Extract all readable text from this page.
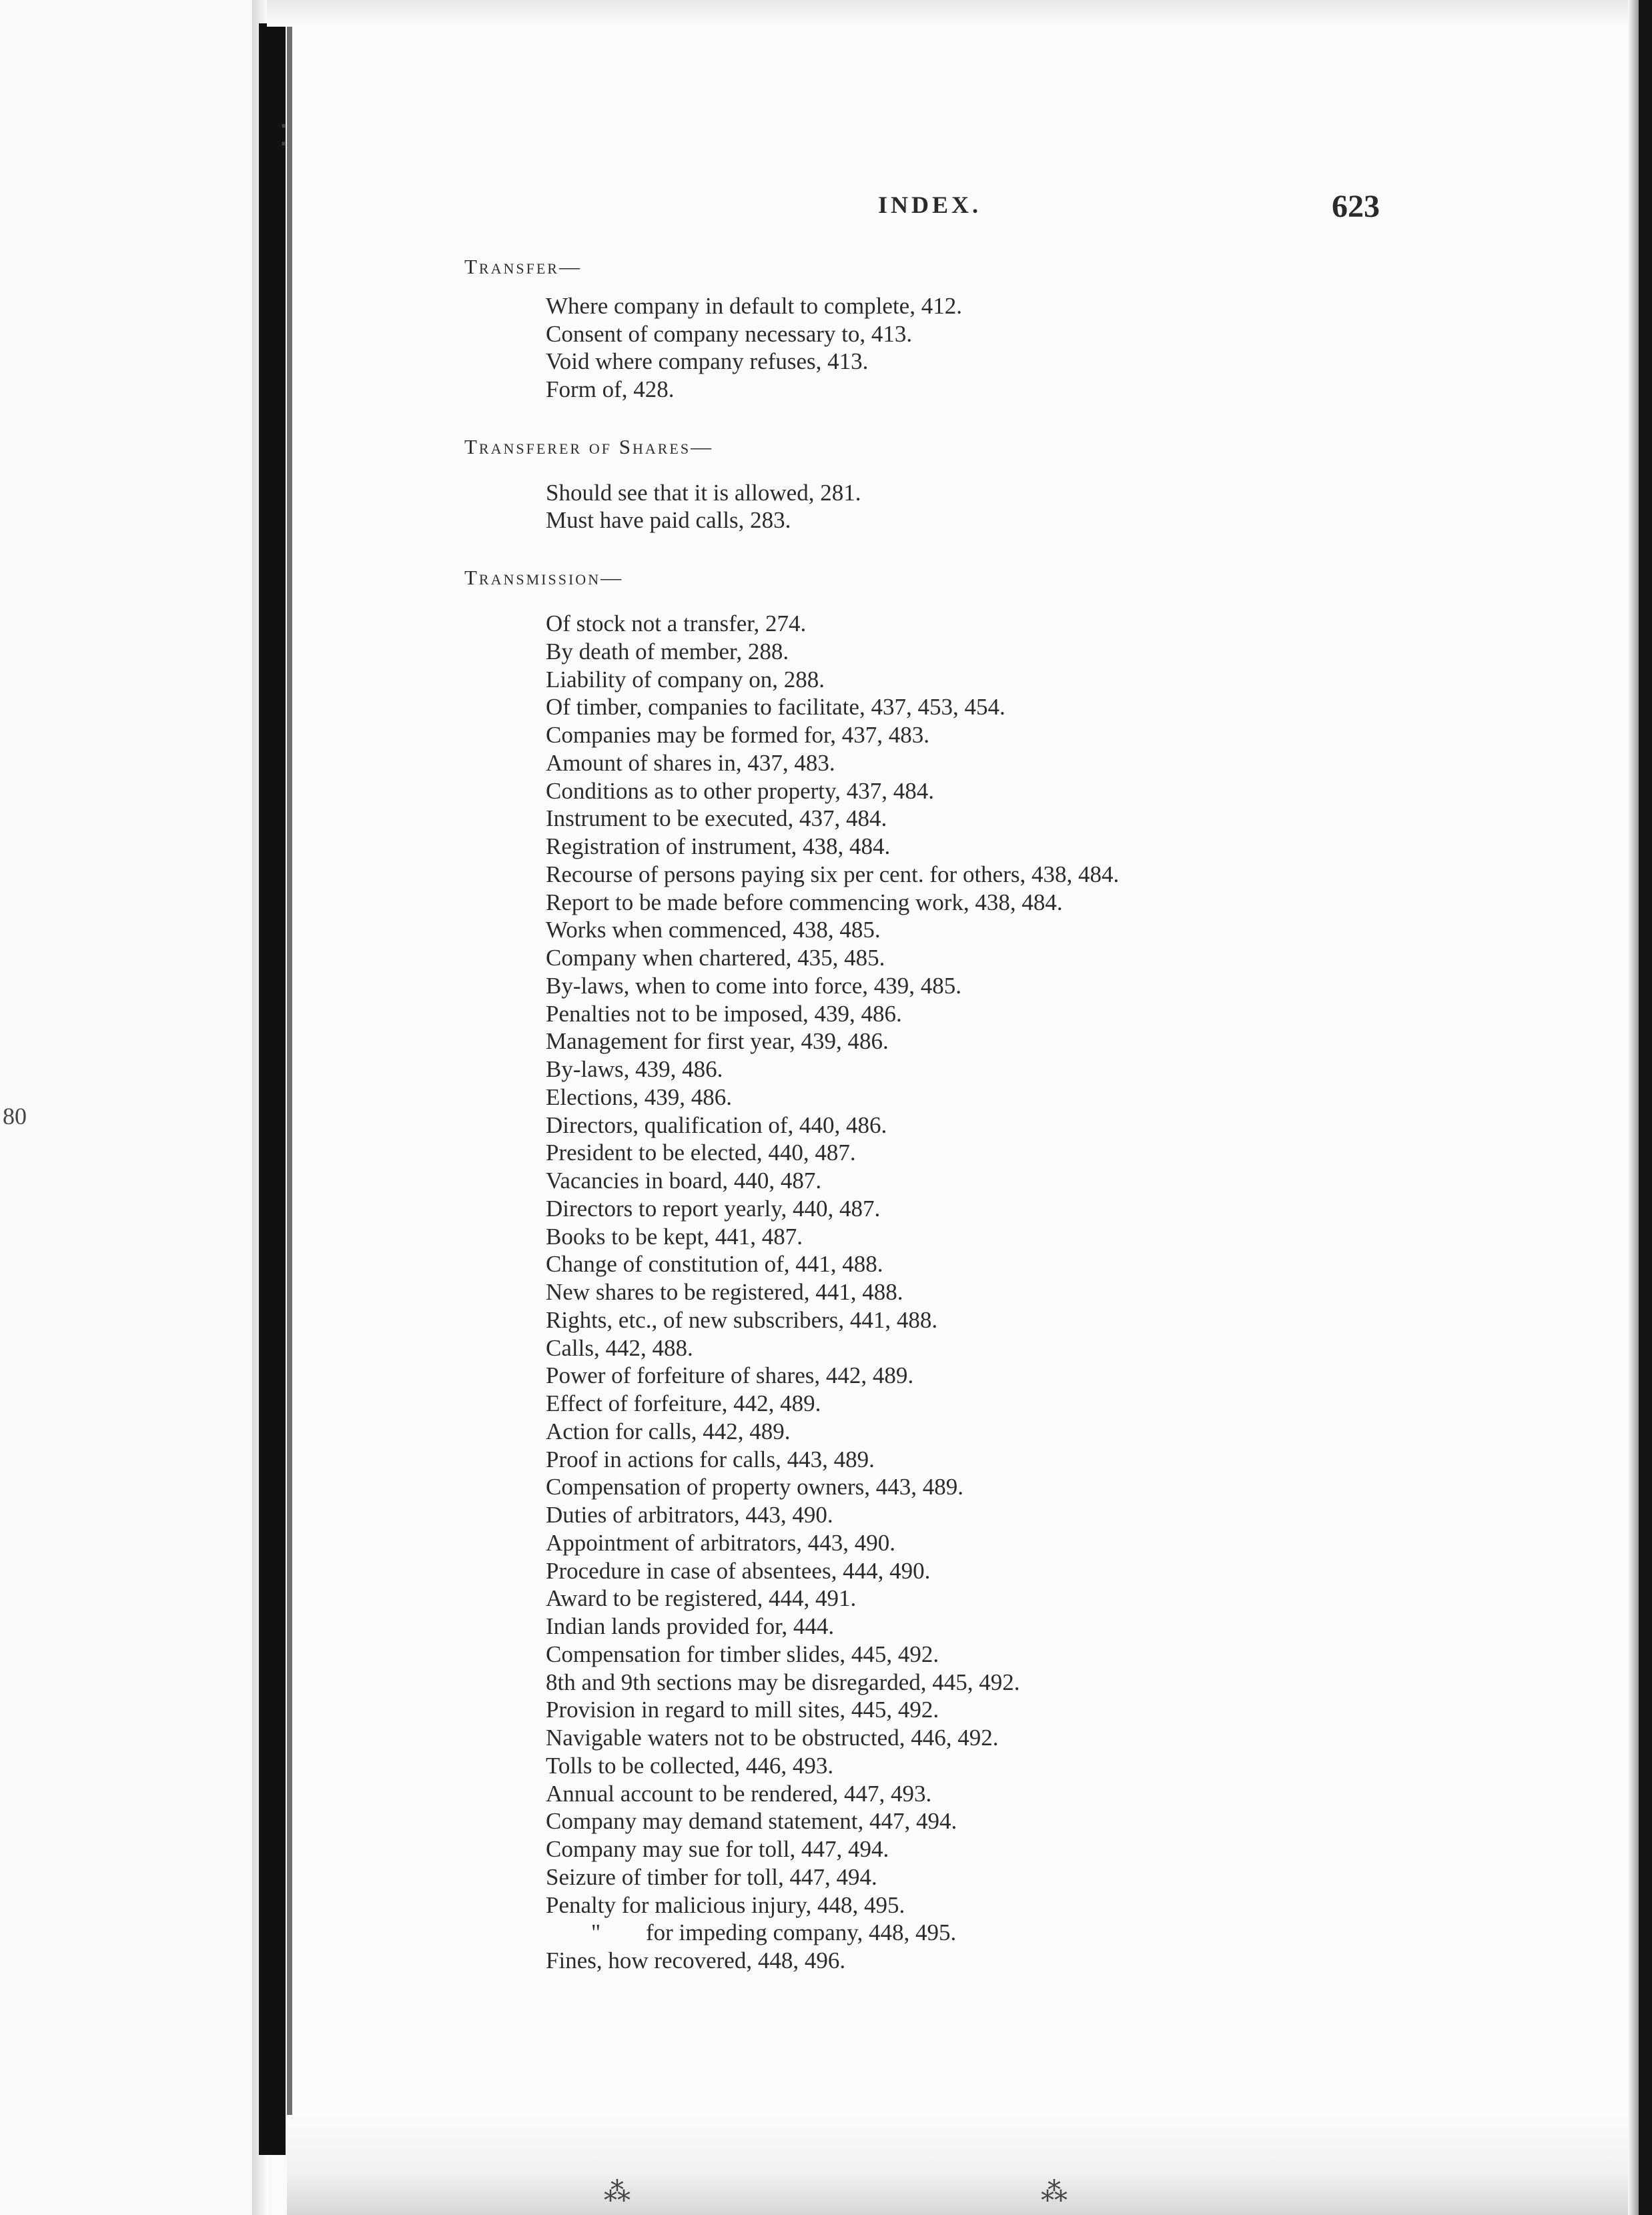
⁚
⁂	⁂
80
INDEX.	623
Transfer—
Where company in default to complete, 412.
Consent of company necessary to, 413.
Void where company refuses, 413.
Form of, 428.
Transferer of Shares—
Should see that it is allowed, 281.
Must have paid calls, 283.
Transmission—
Of stock not a transfer, 274.
By death of member, 288.
Liability of company on, 288.
Of timber, companies to facilitate, 437, 453, 454.
Companies may be formed for, 437, 483.
Amount of shares in, 437, 483.
Conditions as to other property, 437, 484.
Instrument to be executed, 437, 484.
Registration of instrument, 438, 484.
Recourse of persons paying six per cent. for others, 438, 484.
Report to be made before commencing work, 438, 484.
Works when commenced, 438, 485.
Company when chartered, 435, 485.
By-laws, when to come into force, 439, 485.
Penalties not to be imposed, 439, 486.
Management for first year, 439, 486.
By-laws, 439, 486.
Elections, 439, 486.
Directors, qualification of, 440, 486.
President to be elected, 440, 487.
Vacancies in board, 440, 487.
Directors to report yearly, 440, 487.
Books to be kept, 441, 487.
Change of constitution of, 441, 488.
New shares to be registered, 441, 488.
Rights, etc., of new subscribers, 441, 488.
Calls, 442, 488.
Power of forfeiture of shares, 442, 489.
Effect of forfeiture, 442, 489.
Action for calls, 442, 489.
Proof in actions for calls, 443, 489.
Compensation of property owners, 443, 489.
Duties of arbitrators, 443, 490.
Appointment of arbitrators, 443, 490.
Procedure in case of absentees, 444, 490.
Award to be registered, 444, 491.
Indian lands provided for, 444.
Compensation for timber slides, 445, 492.
8th and 9th sections may be disregarded, 445, 492.
Provision in regard to mill sites, 445, 492.
Navigable waters not to be obstructed, 446, 492.
Tolls to be collected, 446, 493.
Annual account to be rendered, 447, 493.
Company may demand statement, 447, 494.
Company may sue for toll, 447, 494.
Seizure of timber for toll, 447, 494.
Penalty for malicious injury, 448, 495.
" for impeding company, 448, 495.
Fines, how recovered, 448, 496.
